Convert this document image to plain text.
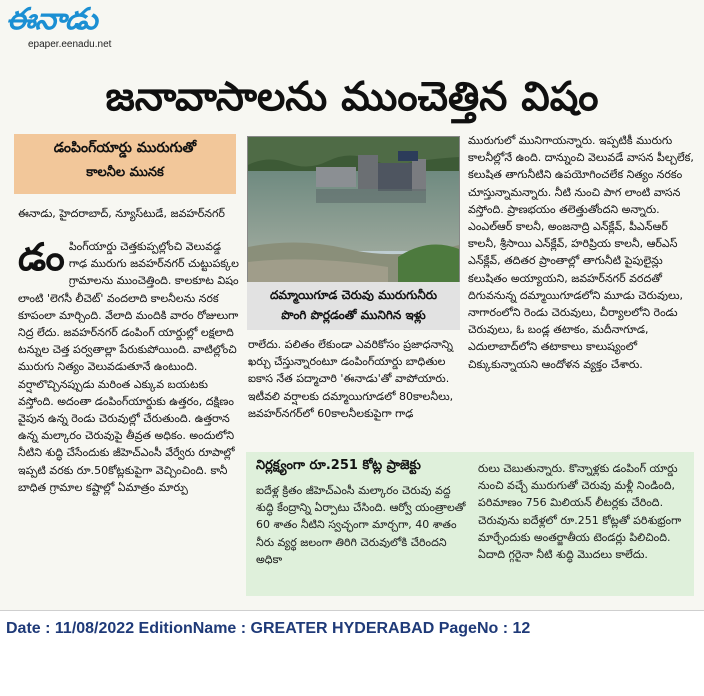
ఈనాడు
epaper.eenadu.net
జనావాసాలను ముంచెత్తిన విషం
డంపింగ్‌యార్డు మురుగుతో
కాలనీల మునక
ఈనాడు, హైదరాబాద్‌, న్యూస్‌టుడే, జవహర్‌నగర్‌
డం పింగ్‌యార్డు చెత్తకుప్పల్లోంచి వెలువడ్డ గాఢ మురుగు జవహర్‌నగర్‌ చుట్టుపక్కల గ్రామాలను ముంచెత్తింది. కాలకూట విషం లాంటి 'లెగసీ లీచెట్‌' వందలాది కాలనీలను నరక కూపంలా మార్చింది. వేలాది మందికి వారం రోజులుగా నిద్ర లేదు. జవహర్‌నగర్‌ డంపింగ్‌ యార్డుల్లో లక్షలాది టన్నుల చెత్త పర్వతాల్లా పేరుకుపోయింది. వాటిల్లోంచి మురుగు నిత్యం వెలువడుతూనే ఉంటుంది. వర్షాలొచ్చినప్పుడు మరింత ఎక్కువ బయటకు వస్తోంది. అదంతా డంపింగ్‌యార్డుకు ఉత్తరం, దక్షిణం వైపున ఉన్న రెండు చెరువుల్లో చేరుతుంది. ఉత్తరాన ఉన్న మల్కారం చెరువుపై తీవ్రత అధికం. అందులోని నీటిని శుద్ధి చేసేందుకు జీహెచ్‌ఎంసీ వేర్వేరు రూపాల్లో ఇప్పటి వరకు రూ.50కోట్లకుపైగా వెచ్చించింది. కానీ బాధిత గ్రామాల కష్టాల్లో ఏమాత్రం మార్పు

దమ్మాయిగూడ చెరువు మురుగునీరు
పొంగి పొర్లడంతో మునిగిన ఇళ్లు

రాలేదు. పలితం లేకుండా ఎవరికోసం ప్రజాధనాన్ని ఖర్చు చేస్తున్నారంటూ డంపింగ్‌యార్డు బాధితుల ఐకాస నేత పద్మాచారి 'ఈనాడు'తో వాపోయారు. ఇటీవలి వర్షాలకు దమ్మాయిగూడలో 80కాలనీలు, జవహర్‌నగర్‌లో 60కాలనీలకుపైగా గాఢ

మురుగులో మునిగాయన్నారు. ఇప్పటికీ మురుగు కాలనీల్లోనే ఉంది. దాన్నుంచి వెలువడే వాసన పీల్చలేక, కలుషిత తాగునీటిని ఉపయోగించలేక నిత్యం నరకం చూస్తున్నామన్నారు. నీటి నుంచి పాగ లాంటి వాసన వస్తోంది. ప్రాణభయం తలెత్తుతోందని అన్నారు. ఎంఎల్‌ఆర్‌ కాలనీ, అంజనాద్రి ఎన్‌క్లేవ్‌, పీఎన్‌ఆర్‌ కాలనీ, శ్రీసాయి ఎన్‌క్లేవ్‌, హరిప్రియ కాలనీ, ఆర్‌ఎస్‌ ఎన్‌క్లేవ్‌, తదితర ప్రాంతాల్లో తాగునీటి పైపులైన్లు కలుషితం అయ్యాయని, జవహర్‌నగర్‌ వరదతో దిగువనున్న దమ్మాయిగూడలోని మూడు చెరువులు, నాగారంలోని రెండు చెరువులు, చీర్యాలలోని రెండు చెరువులు, ఓ బండ్ల తటాకం, మదీనాగూడ, ఎదులాబాద్‌లోని తటాకాలు కాలుష్యంలో చిక్కుకున్నాయని ఆందోళన వ్యక్తం చేశారు.

నిర్లక్ష్యంగా రూ.251 కోట్ల ప్రాజెక్టు

ఐదేళ్ల క్రితం జీహెచ్‌ఎంసీ మల్కారం చెరువు వద్ద శుద్ధి కేంద్రాన్ని ఏర్పాటు చేసింది. ఆర్వో యంత్రాలతో 60 శాతం నీటిని స్వచ్ఛంగా మార్చగా, 40 శాతం నీరు వ్యర్థ జలంగా తిరిగి చెరువులోకి చేరిందని అధికా

రులు చెబుతున్నారు. కొన్నాళ్లకు డంపింగ్‌ యార్డు నుంచి వచ్చే మురుగుతో చెరువు మళ్లీ నిండింది, పరిమాణం 756 మిలియన్‌ లీటర్లకు చేరింది. చెరువును ఐదేళ్లలో రూ.251 కోట్లతో పరిశుభ్రంగా మార్చేందుకు అంతర్జాతీయ టెండర్లు పిలిచింది. ఏదాది గ్గరైనా నీటి శుద్ధి మొదలు కాలేదు.

Date : 11/08/2022 EditionName : GREATER HYDERABAD PageNo : 12
